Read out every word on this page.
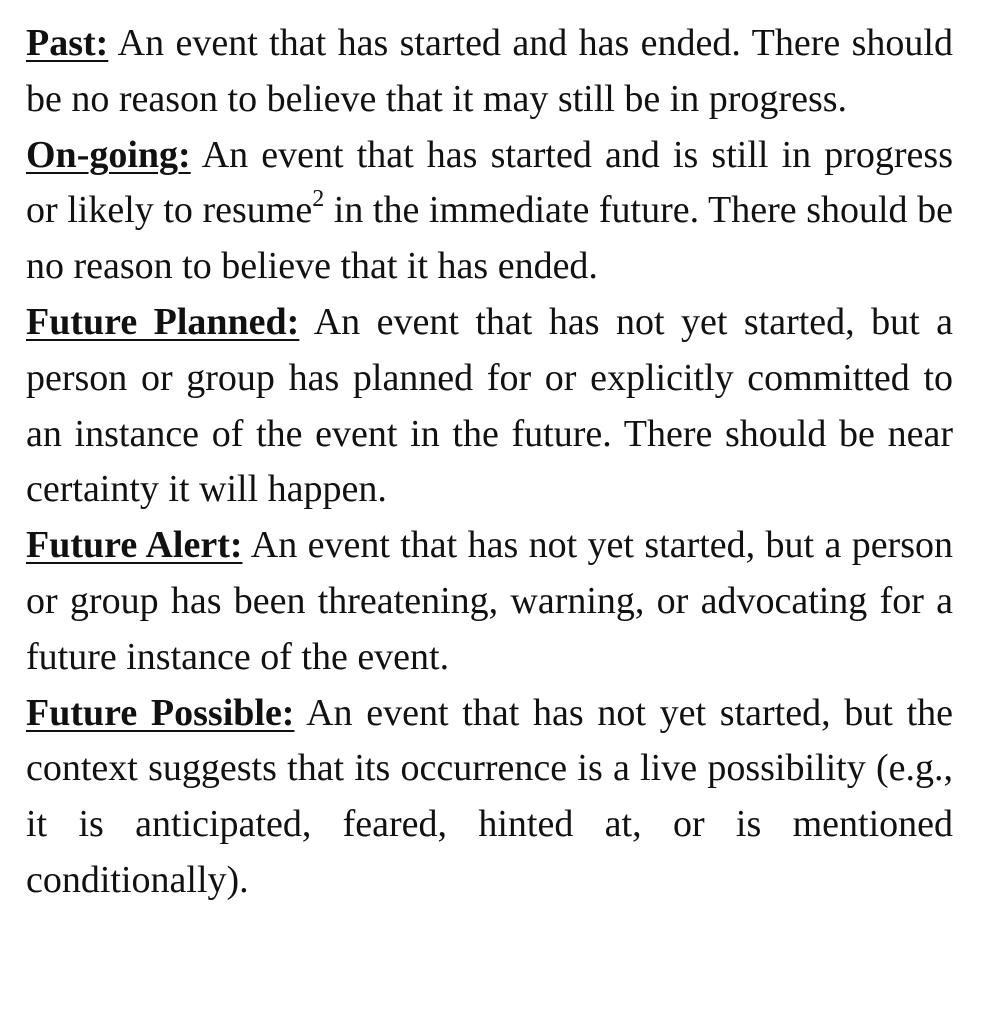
Past: An event that has started and has ended. There should be no reason to believe that it may still be in progress.

On-going: An event that has started and is still in progress or likely to resume$^2$ in the immediate future. There should be no reason to believe that it has ended.

Future Planned: An event that has not yet started, but a person or group has planned for or explicitly committed to an instance of the event in the future. There should be near certainty it will happen.

Future Alert: An event that has not yet started, but a person or group has been threatening, warning, or advocating for a future instance of the event.

Future Possible: An event that has not yet started, but the context suggests that its occurrence is a live possibility (e.g., it is anticipated, feared, hinted at, or is mentioned conditionally).
